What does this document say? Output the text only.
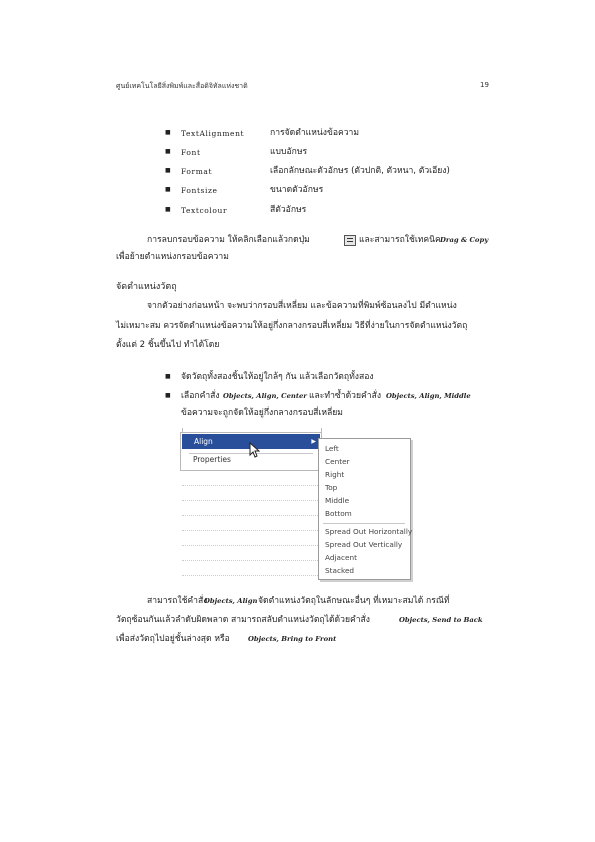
ศูนย์เทคโนโลยีสิ่งพิมพ์และสื่อดิจิทัลแห่งชาติ	19
■ TextAlignment	การจัดตำแหน่งข้อความ
■ Font	แบบอักษร
■ Format	เลือกลักษณะตัวอักษร (ตัวปกติ, ตัวหนา, ตัวเอียง)
■ Fontsize	ขนาดตัวอักษร
■ Textcolour	สีตัวอักษร
การลบกรอบข้อความ ให้คลิกเลือกแล้วกดปุ่ม	และสามารถใช้เทคนิค Drag & Copy
เพื่อย้ายตำแหน่งกรอบข้อความ
จัดตำแหน่งวัตถุ
จากตัวอย่างก่อนหน้า จะพบว่ากรอบสี่เหลี่ยม และข้อความที่พิมพ์ซ้อนลงไป มีตำแหน่ง
ไม่เหมาะสม ควรจัดตำแหน่งข้อความให้อยู่กึ่งกลางกรอบสี่เหลี่ยม วิธีที่ง่ายในการจัดตำแหน่งวัตถุ
ตั้งแต่ 2 ชิ้นขึ้นไป ทำได้โดย
■ จัดวัตถุทั้งสองชิ้นให้อยู่ใกล้ๆ กัน แล้วเลือกวัตถุทั้งสอง
■ เลือกคำสั่ง Objects, Align, Center และทำซ้ำด้วยคำสั่ง Objects, Align, Middle
ข้อความจะถูกจัดให้อยู่กึ่งกลางกรอบสี่เหลี่ยม
Align	▶
Properties
Left
Center
Right
Top
Middle
Bottom
Spread Out Horizontally
Spread Out Vertically
Adjacent
Stacked
สามารถใช้คำสั่ง
Objects, Align จัดตำแหน่งวัตถุในลักษณะอื่นๆ ที่เหมาะสมได้ กรณีที่
วัตถุซ้อนกันแล้วลำดับผิดพลาด สามารถสลับตำแหน่งวัตถุได้ด้วยคำสั่ง	Objects, Send to Back
เพื่อส่งวัตถุไปอยู่ชั้นล่างสุด หรือ	Objects, Bring to Front
